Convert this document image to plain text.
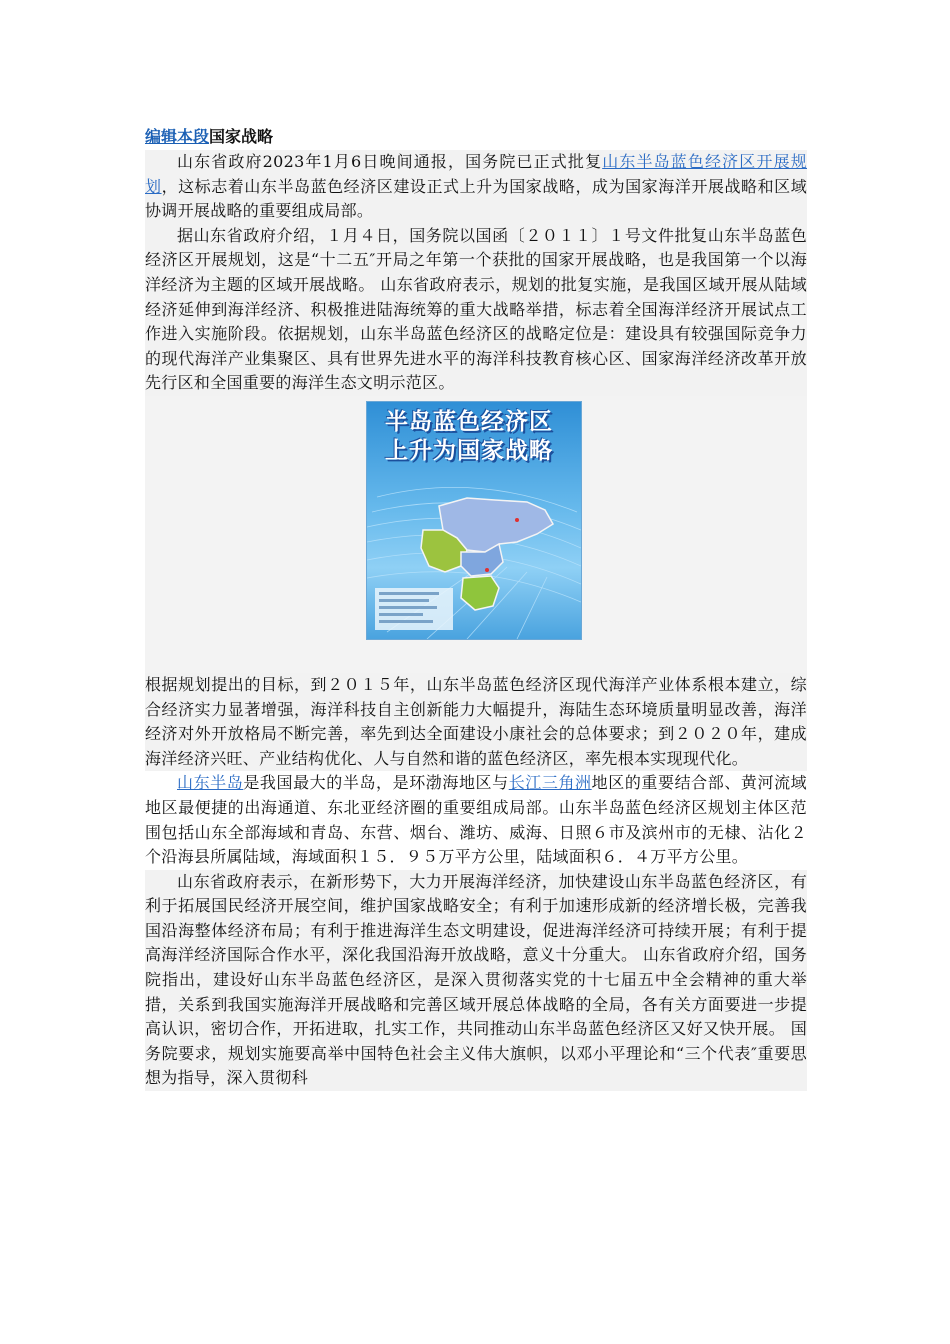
编辑本段国家战略

山东省政府2023年1月6日晚间通报，国务院已正式批复山东半岛蓝色经济区开展规划，这标志着山东半岛蓝色经济区建设正式上升为国家战略，成为国家海洋开展战略和区域协调开展战略的重要组成局部。

据山东省政府介绍，１月４日，国务院以国函〔２０１１〕１号文件批复山东半岛蓝色经济区开展规划，这是“十二五″开局之年第一个获批的国家开展战略，也是我国第一个以海洋经济为主题的区域开展战略。 山东省政府表示，规划的批复实施，是我国区域开展从陆域经济延伸到海洋经济、积极推进陆海统筹的重大战略举措，标志着全国海洋经济开展试点工作进入实施阶段。依据规划，山东半岛蓝色经济区的战略定位是：建设具有较强国际竞争力的现代海洋产业集聚区、具有世界先进水平的海洋科技教育核心区、国家海洋经济改革开放先行区和全国重要的海洋生态文明示范区。

半岛蓝色经济区
上升为国家战略

根据规划提出的目标，到２０１５年，山东半岛蓝色经济区现代海洋产业体系根本建立，综合经济实力显著增强，海洋科技自主创新能力大幅提升，海陆生态环境质量明显改善，海洋经济对外开放格局不断完善，率先到达全面建设小康社会的总体要求；到２０２０年，建成海洋经济兴旺、产业结构优化、人与自然和谐的蓝色经济区，率先根本实现现代化。

山东半岛是我国最大的半岛，是环渤海地区与长江三角洲地区的重要结合部、黄河流域地区最便捷的出海通道、东北亚经济圈的重要组成局部。山东半岛蓝色经济区规划主体区范围包括山东全部海域和青岛、东营、烟台、潍坊、威海、日照６市及滨州市的无棣、沾化２个沿海县所属陆域，海域面积１５．９５万平方公里，陆域面积６．４万平方公里。

山东省政府表示，在新形势下，大力开展海洋经济，加快建设山东半岛蓝色经济区，有利于拓展国民经济开展空间，维护国家战略安全；有利于加速形成新的经济增长极，完善我国沿海整体经济布局；有利于推进海洋生态文明建设，促进海洋经济可持续开展；有利于提高海洋经济国际合作水平，深化我国沿海开放战略，意义十分重大。 山东省政府介绍，国务院指出，建设好山东半岛蓝色经济区，是深入贯彻落实党的十七届五中全会精神的重大举措，关系到我国实施海洋开展战略和完善区域开展总体战略的全局，各有关方面要进一步提高认识，密切合作，开拓进取，扎实工作，共同推动山东半岛蓝色经济区又好又快开展。 国务院要求，规划实施要高举中国特色社会主义伟大旗帜，以邓小平理论和“三个代表″重要思想为指导，深入贯彻科
